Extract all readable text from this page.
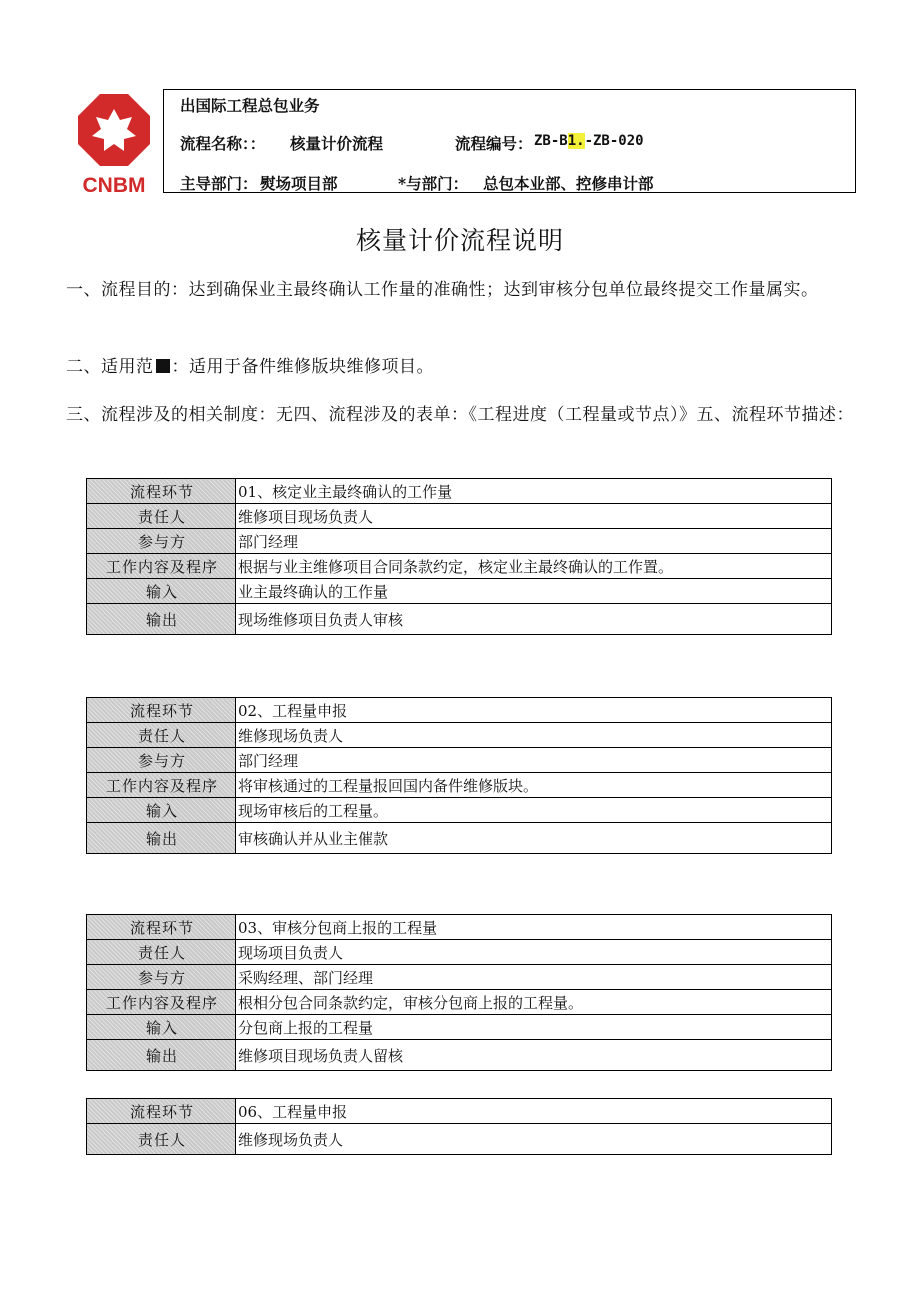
CNBM
出国际工程总包业务
流程名称：： 核量计价流程	流程编号： ZB-B1.-ZB-020
主导部门： 熨场项目部	*与部门： 总包本业部、控修串计部
核量计价流程说明
一、流程目的：达到确保业主最终确认工作量的准确性；达到审核分包单位最终提交工作量属实。
二、适用范 ：适用于备件维修版块维修项目。
三、流程涉及的相关制度：无四、流程涉及的表单：《工程进度（工程量或节点）》五、流程环节描述：
流程环节	01、核定业主最终确认的工作量
责任人	维修项目现场负责人
参与方	部门经理
工作内容及程序	根据与业主维修项目合同条款约定，核定业主最终确认的工作置。
输入	业主最终确认的工作量
输出	现场维修项目负责人审核
流程环节	02、工程量申报
责任人	维修现场负责人
参与方	部门经理
工作内容及程序	将审核通过的工程量报回国内备件维修版块。
输入	现场审核后的工程量。
输出	审核确认并从业主催款
流程环节	03、审核分包商上报的工程量
责任人	现场项目负责人
参与方	采购经理、部门经理
工作内容及程序	根相分包合同条款约定，审核分包商上报的工程量。
输入	分包商上报的工程量
输出	维修项目现场负责人留核
流程环节	06、工程量申报
责任人	维修现场负责人
